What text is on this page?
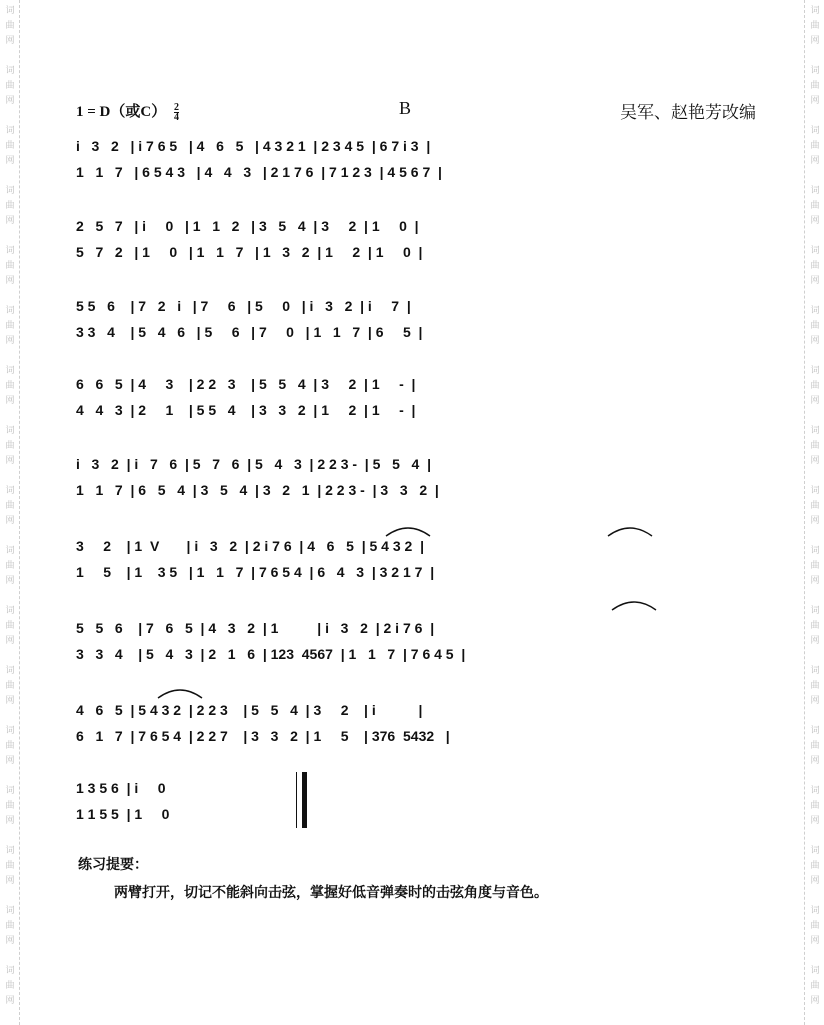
词
曲
网
词
曲
网
词
曲
网
词
曲
网
词
曲
网
词
曲
网
词
曲
网
词
曲
网
词
曲
网
词
曲
网
词
曲
网
词
曲
网
词
曲
网
词
曲
网
词
曲
网
词
曲
网
词
曲
网
词
曲
网
词
曲
网
词
曲
网
词
曲
网
词
曲
网
词
曲
网
词
曲
网
词
曲
网
词
曲
网
词
曲
网
词
曲
网
词
曲
网
词
曲
网
词
曲
网
词
曲
网
词
曲
网
词
曲
网
1 = D（或$C) \frac{2}{4}$	B	吴军、赵艳芳改编
i   3   2   | i 7 6 5   | 4   6   5   | 4 3 2 1  | 2 3 4 5  | 6 7 i 3  |
1   1   7   | 6 5 4 3   | 4   4   3   | 2 1 7 6  | 7 1 2 3  | 4 5 6 7  |
2   5   7   | i     0   | 1   1   2   | 3   5   4  | 3     2  | 1     0  |
5   7   2   | 1     0   | 1   1   7   | 1   3   2  | 1     2  | 1     0  |
5 5   6    | 7   2   i   | 7     6   | 5     0   | i   3   2  | i     7  |
3 3   4    | 5   4   6   | 5     6   | 7     0   | 1   1   7  | 6     5  |
6   6   5  | 4     3    | 2 2   3    | 5   5   4  | 3     2  | 1     -  |
4   4   3  | 2     1    | 5 5   4    | 3   3   2  | 1     2  | 1     -  |
i   3   2  | i   7   6  | 5   7   6  | 5   4   3  | 2 2 3 -  | 5   5   4  |
1   1   7  | 6   5   4  | 3   5   4  | 3   2   1  | 2 2 3 -  | 3   3   2  |
3     2    | 1  V       | i   3   2  | 2 i 7 6  | 4   6   5  | 5 4 3 2  |
1     5    | 1    3 5   | 1   1   7  | 7 6 5 4  | 6   4   3  | 3 2 1 7  |
5   5   6    | 7   6   5  | 4   3   2  | 1          | i   3   2  | 2 i 7 6  |
3   3   4    | 5   4   3  | 2   1   6  | 123  4567  | 1   1   7  | 7 6 4 5  |
4   6   5  | 5 4 3 2  | 2 2 3    | 5   5   4  | 3     2    | i           |
6   1   7  | 7 6 5 4  | 2 2 7    | 3   3   2  | 1     5    | 376  5432   |
1 3 5 6  | i     0
1 1 5 5  | 1     0
练习提要：
两臂打开，切记不能斜向击弦，掌握好低音弹奏时的击弦角度与音色。
